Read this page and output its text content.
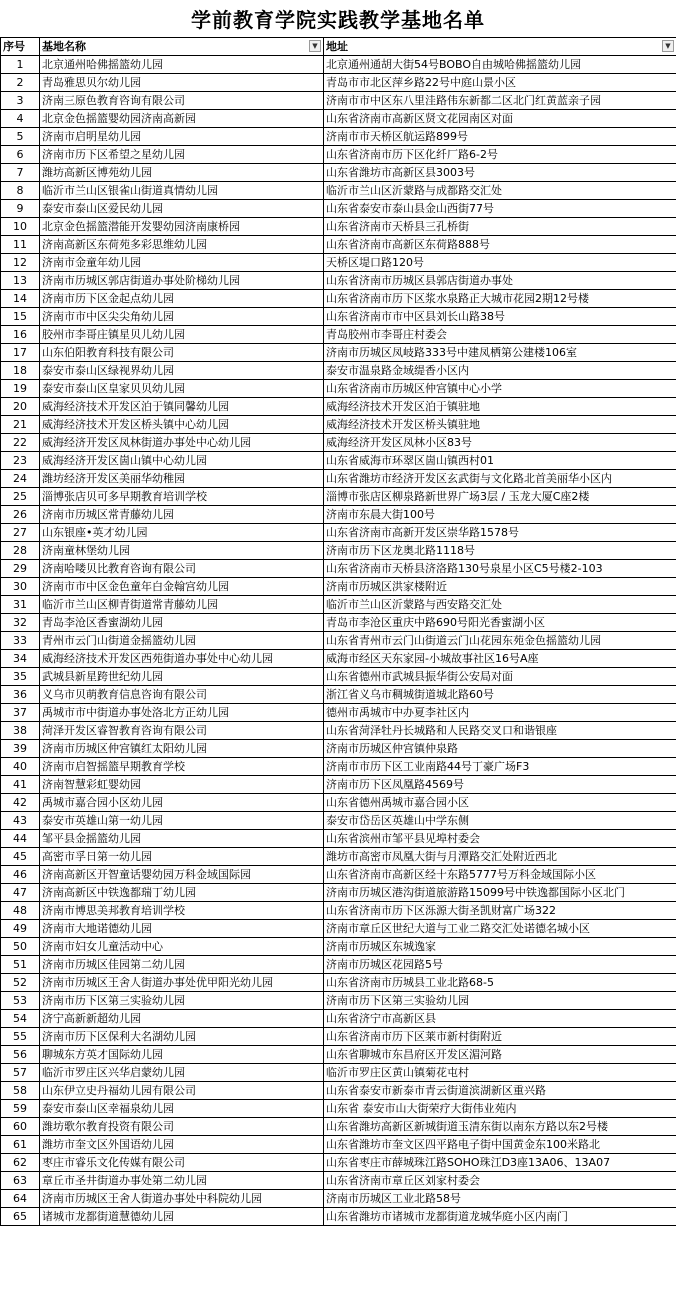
学前教育学院实践教学基地名单
序号	基地名称 ▼	地址 ▼

1	北京通州哈佛摇篮幼儿园	北京通州通胡大街54号BOBO自由城哈佛摇篮幼儿园
2	青岛雅思贝尔幼儿园	青岛市市北区萍乡路22号中庭山景小区
3	济南三原色教育咨询有限公司	济南市市中区东八里洼路伟东新都二区北门红黄蓝亲子园
4	北京金色摇篮婴幼园济南高新园	山东省济南市高新区贤文花园南区对面
5	济南市启明星幼儿园	济南市市天桥区航运路899号
6	济南市历下区希望之星幼儿园	山东省济南市历下区化纤厂路6-2号
7	潍坊高新区博苑幼儿园	山东省潍坊市高新区县3003号
8	临沂市兰山区银雀山街道真情幼儿园	临沂市兰山区沂蒙路与成都路交汇处
9	泰安市泰山区爱民幼儿园	山东省泰安市泰山县金山西街77号
10	北京金色摇篮潜能开发婴幼园济南康桥园	山东省济南市天桥县三孔桥街
11	济南高新区东荷苑多彩思维幼儿园	山东省济南市高新区东荷路888号
12	济南市金童年幼儿园	天桥区堤口路120号
13	济南市历城区郭店街道办事处阶梯幼儿园	山东省济南市历城区县郭店街道办事处
14	济南市历下区金起点幼儿园	山东省济南市历下区浆水泉路正大城市花园2期12号楼
15	济南市市中区尖尖角幼儿园	山东省济南市市中区县刘长山路38号
16	胶州市李哥庄镇星贝儿幼儿园	青岛胶州市李哥庄村委会
17	山东伯阳教育科技有限公司	济南市历城区凤岐路333号中建凤栖第公建楼106室
18	泰安市泰山区绿视界幼儿园	泰安市温泉路金域缇香小区内
19	泰安市泰山区皇家贝贝幼儿园	山东省济南市历城区仲宫镇中心小学
20	威海经济技术开发区泊于镇同馨幼儿园	威海经济技术开发区泊于镇驻地
21	威海经济技术开发区桥头镇中心幼儿园	威海经济技术开发区桥头镇驻地
22	威海经济开发区凤林街道办事处中心幼儿园	威海经济开发区凤林小区83号
23	威海经济开发区崮山镇中心幼儿园	山东省威海市环翠区崮山镇西村01
24	潍坊经济开发区美丽华幼稚园	山东省潍坊市经济开发区玄武街与文化路北首美丽华小区内
25	淄博张店贝可多早期教育培训学校	淄博市张店区柳泉路新世界广场3层 / 玉龙大厦C座2楼
26	济南市历城区常青藤幼儿园	济南市东晨大街100号
27	山东银座•英才幼儿园	山东省济南市高新开发区崇华路1578号
28	济南童林堡幼儿园	济南市历下区龙奥北路1118号
29	济南哈喽贝比教育咨询有限公司	山东省济南市天桥县济洛路130号泉星小区C5号楼2-103
30	济南市市中区金色童年白金翰宫幼儿园	济南市历城区洪家楼附近
31	临沂市兰山区柳青街道常青藤幼儿园	临沂市兰山区沂蒙路与西安路交汇处
32	青岛李沧区香蜜湖幼儿园	青岛市李沧区重庆中路690号阳光香蜜湖小区
33	青州市云门山街道金摇篮幼儿园	山东省青州市云门山街道云门山花园东苑金色摇篮幼儿园
34	威海经济技术开发区西苑街道办事处中心幼儿园	威海市经区天东家园-小城故事社区16号A座
35	武城县新星跨世纪幼儿园	山东省德州市武城县振华街公安局对面
36	义乌市贝萌教育信息咨询有限公司	浙江省义乌市稠城街道城北路60号
37	禹城市市中街道办事处洛北方正幼儿园	德州市禹城市中办夏李社区内
38	菏泽开发区睿智教育咨询有限公司	山东省菏泽牡丹长城路和人民路交叉口和谐银座
39	济南市历城区仲宫镇红太阳幼儿园	济南市历城区仲宫镇仲泉路
40	济南市启智摇篮早期教育学校	济南市市历下区工业南路44号丁豪广场F3
41	济南智慧彩虹婴幼园	济南市历下区凤凰路4569号
42	禹城市嘉合园小区幼儿园	山东省德州禹城市嘉合园小区
43	泰安市英雄山第一幼儿园	泰安市岱岳区英雄山中学东侧
44	邹平县金摇篮幼儿园	山东省滨州市邹平县见埠村委会
45	高密市孚日第一幼儿园	潍坊市高密市凤凰大街与月潭路交汇处附近西北
46	济南高新区开智童话婴幼园万科金域国际园	山东省济南市高新区经十东路5777号万科金域国际小区
47	济南高新区中铁逸都瑞丁幼儿园	济南市历城区港沟街道旅游路15099号中铁逸都国际小区北门
48	济南市博思美邦教育培训学校	山东省济南市历下区泺源大街圣凯财富广场322
49	济南市大地诺德幼儿园	济南市章丘区世纪大道与工业二路交汇处诺德名城小区
50	济南市妇女儿童活动中心	济南市历城区东城逸家
51	济南市历城区佳园第二幼儿园	济南市历城区花园路5号
52	济南市历城区王舍人街道办事处优甲阳光幼儿园	山东省济南市历城县工业北路68-5
53	济南市历下区第三实验幼儿园	济南市历下区第三实验幼儿园
54	济宁高新新超幼儿园	山东省济宁市高新区县
55	济南市历下区保利大名湖幼儿园	山东省济南市历下区莱市新村街附近
56	聊城东方英才国际幼儿园	山东省聊城市东昌府区开发区湄河路
57	临沂市罗庄区兴华启蒙幼儿园	临沂市罗庄区黄山镇菊花屯村
58	山东伊立史丹福幼儿园有限公司	山东省泰安市新泰市青云街道滨湖新区重兴路
59	泰安市泰山区幸福泉幼儿园	山东省 泰安市山大街荣疗大街伟业苑内
60	潍坊歌尔教育投资有限公司	山东省潍坊高新区新城街道玉清东街以南东方路以东2号楼
61	潍坊市奎文区外国语幼儿园	山东省潍坊市奎文区四平路电子街中国黄金东100米路北
62	枣庄市睿乐文化传媒有限公司	山东省枣庄市薛城珠江路SOHO珠江D3座13A06、13A07
63	章丘市圣井街道办事处第二幼儿园	山东省济南市章丘区刘家村委会
64	济南市历城区王舍人街道办事处中科院幼儿园	济南市历城区工业北路58号
65	诸城市龙都街道慧德幼儿园	山东省潍坊市诸城市龙都街道龙城华庭小区内南门
